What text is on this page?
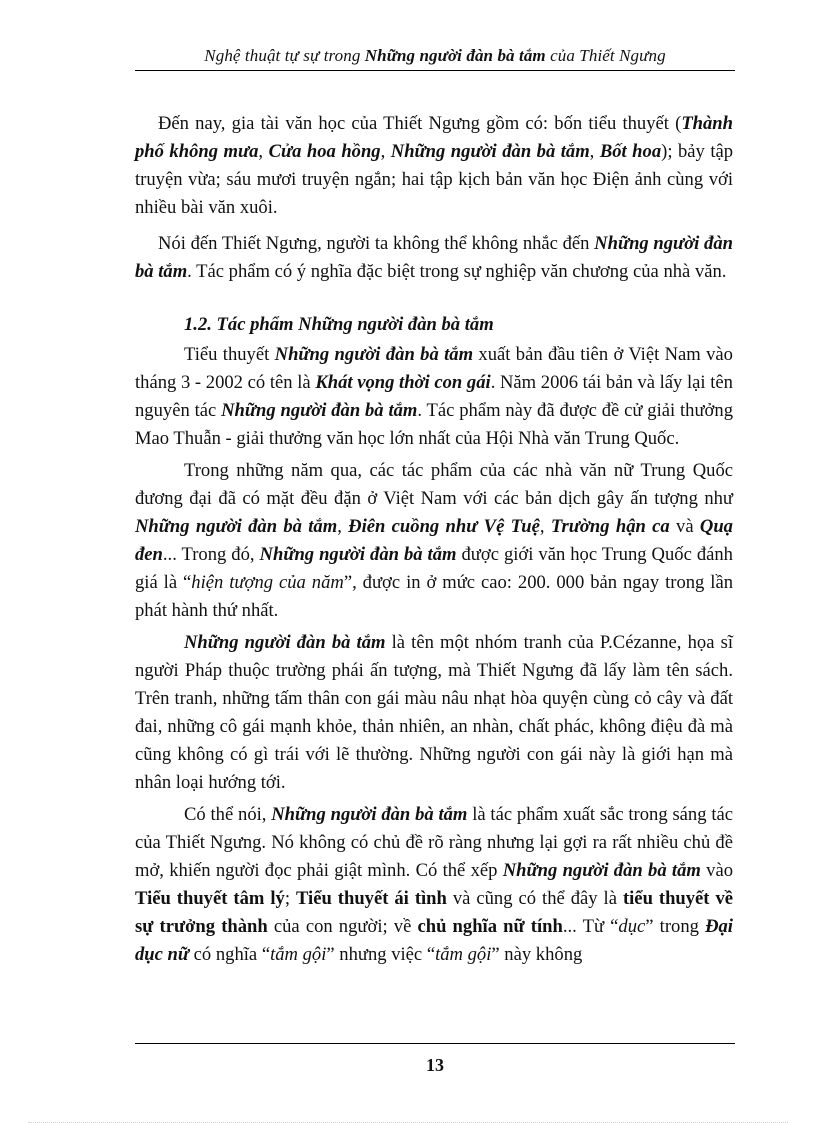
Nghệ thuật tự sự trong Những người đàn bà tắm của Thiết Ngưng

Đến nay, gia tài văn học của Thiết Ngưng gồm có: bốn tiểu thuyết (Thành phố không mưa, Cửa hoa hồng, Những người đàn bà tắm, Bốt hoa); bảy tập truyện vừa; sáu mươi truyện ngắn; hai tập kịch bản văn học Điện ảnh cùng với nhiều bài văn xuôi.

Nói đến Thiết Ngưng, người ta không thể không nhắc đến Những người đàn bà tắm. Tác phẩm có ý nghĩa đặc biệt trong sự nghiệp văn chương của nhà văn.

1.2. Tác phẩm Những người đàn bà tắm

Tiểu thuyết Những người đàn bà tắm xuất bản đầu tiên ở Việt Nam vào tháng 3 - 2002 có tên là Khát vọng thời con gái. Năm 2006 tái bản và lấy lại tên nguyên tác Những người đàn bà tắm. Tác phẩm này đã được đề cử giải thưởng Mao Thuẫn - giải thưởng văn học lớn nhất của Hội Nhà văn Trung Quốc.

Trong những năm qua, các tác phẩm của các nhà văn nữ Trung Quốc đương đại đã có mặt đều đặn ở Việt Nam với các bản dịch gây ấn tượng như Những người đàn bà tắm, Điên cuồng như Vệ Tuệ, Trường hận ca và Quạ đen... Trong đó, Những người đàn bà tắm được giới văn học Trung Quốc đánh giá là “hiện tượng của năm”, được in ở mức cao: 200. 000 bản ngay trong lần phát hành thứ nhất.

Những người đàn bà tắm là tên một nhóm tranh của P.Cézanne, họa sĩ người Pháp thuộc trường phái ấn tượng, mà Thiết Ngưng đã lấy làm tên sách. Trên tranh, những tấm thân con gái màu nâu nhạt hòa quyện cùng cỏ cây và đất đai, những cô gái mạnh khỏe, thản nhiên, an nhàn, chất phác, không điệu đà mà cũng không có gì trái với lẽ thường. Những người con gái này là giới hạn mà nhân loại hướng tới.

Có thể nói, Những người đàn bà tắm là tác phẩm xuất sắc trong sáng tác của Thiết Ngưng. Nó không có chủ đề rõ ràng nhưng lại gợi ra rất nhiều chủ đề mở, khiến người đọc phải giật mình. Có thể xếp Những người đàn bà tắm vào Tiểu thuyết tâm lý; Tiểu thuyết ái tình và cũng có thể đây là tiểu thuyết về sự trưởng thành của con người; về chủ nghĩa nữ tính... Từ “dục” trong Đại dục nữ có nghĩa “tắm gội” nhưng việc “tắm gội” này không

13
